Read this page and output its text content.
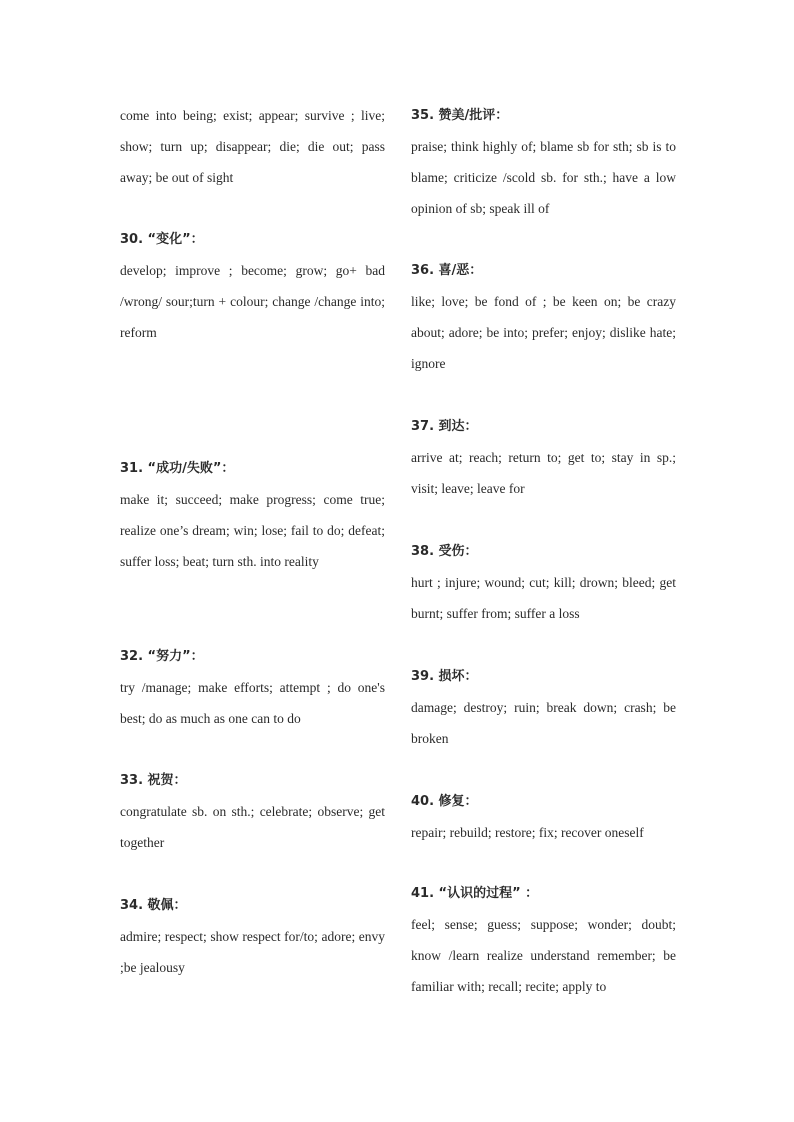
come into being; exist; appear; survive ; live; show; turn up; disappear; die; die out; pass away; be out of sight
30. “变化”：
develop; improve ; become; grow; go+ bad /wrong/ sour;turn + colour; change /change into; reform
31. “成功/失败”：
make it; succeed; make progress; come true; realize one’s dream; win; lose; fail to do; defeat; suffer loss; beat; turn sth. into reality
32. “努力”：
try /manage; make efforts; attempt ; do one's best; do as much as one can to do
33. 祝贺：
congratulate sb. on sth.; celebrate; observe; get together
34. 敬佩：
admire; respect; show respect for/to; adore; envy ;be jealousy
35. 赞美/批评：
praise; think highly of; blame sb for sth; sb is to blame; criticize /scold sb. for sth.; have a low opinion of sb; speak ill of
36. 喜/恶：
like; love; be fond of ; be keen on; be crazy about; adore; be into; prefer; enjoy; dislike hate; ignore
37. 到达：
arrive at; reach; return to; get to; stay in sp.; visit; leave; leave for
38. 受伤：
hurt ; injure; wound; cut; kill; drown; bleed; get burnt; suffer from; suffer a loss
39. 损坏：
damage; destroy; ruin; break down; crash; be broken
40. 修复：
repair; rebuild; restore; fix; recover oneself
41. “认识的过程” ：
feel; sense; guess; suppose; wonder; doubt; know /learn realize understand remember; be familiar with; recall; recite; apply to
